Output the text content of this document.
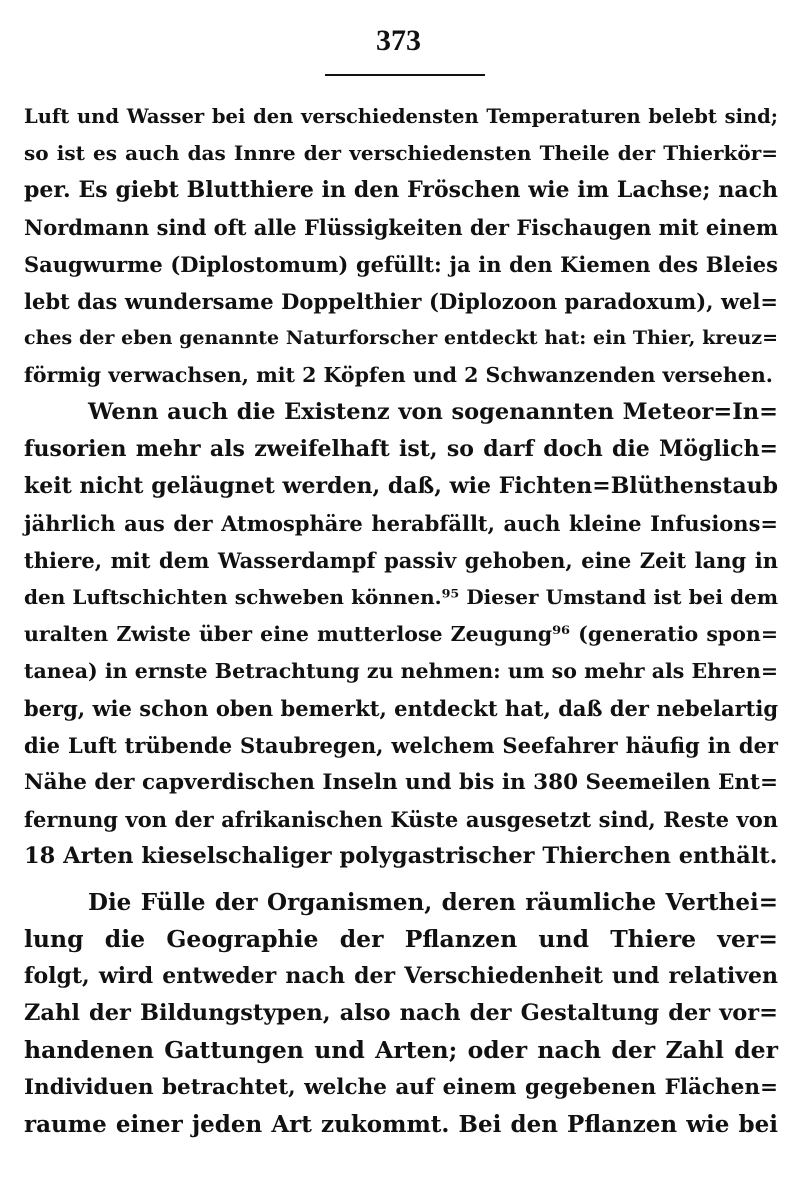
373
Luft und Wasser bei den verschiedensten Temperaturen belebt sind;
so ist es auch das Innre der verschiedensten Theile der Thierkör=
per. Es giebt Blutthiere in den Fröschen wie im Lachse; nach
Nordmann sind oft alle Flüssigkeiten der Fischaugen mit einem
Saugwurme (Diplostomum) gefüllt: ja in den Kiemen des Bleies
lebt das wundersame Doppelthier (Diplozoon paradoxum), wel=
ches der eben genannte Naturforscher entdeckt hat: ein Thier, kreuz=
förmig verwachsen, mit 2 Köpfen und 2 Schwanzenden versehen.
Wenn auch die Existenz von sogenannten Meteor=In=
fusorien mehr als zweifelhaft ist, so darf doch die Möglich=
keit nicht geläugnet werden, daß, wie Fichten=Blüthenstaub
jährlich aus der Atmosphäre herabfällt, auch kleine Infusions=
thiere, mit dem Wasserdampf passiv gehoben, eine Zeit lang in
den Luftschichten schweben können.⁹⁵ Dieser Umstand ist bei dem
uralten Zwiste über eine mutterlose Zeugung⁹⁶ (generatio spon=
tanea) in ernste Betrachtung zu nehmen: um so mehr als Ehren=
berg, wie schon oben bemerkt, entdeckt hat, daß der nebelartig
die Luft trübende Staubregen, welchem Seefahrer häufig in der
Nähe der capverdischen Inseln und bis in 380 Seemeilen Ent=
fernung von der afrikanischen Küste ausgesetzt sind, Reste von
18 Arten kieselschaliger polygastrischer Thierchen enthält.
Die Fülle der Organismen, deren räumliche Verthei=
lung die Geographie der Pflanzen und Thiere ver=
folgt, wird entweder nach der Verschiedenheit und relativen
Zahl der Bildungstypen, also nach der Gestaltung der vor=
handenen Gattungen und Arten; oder nach der Zahl der
Individuen betrachtet, welche auf einem gegebenen Flächen=
raume einer jeden Art zukommt. Bei den Pflanzen wie bei
